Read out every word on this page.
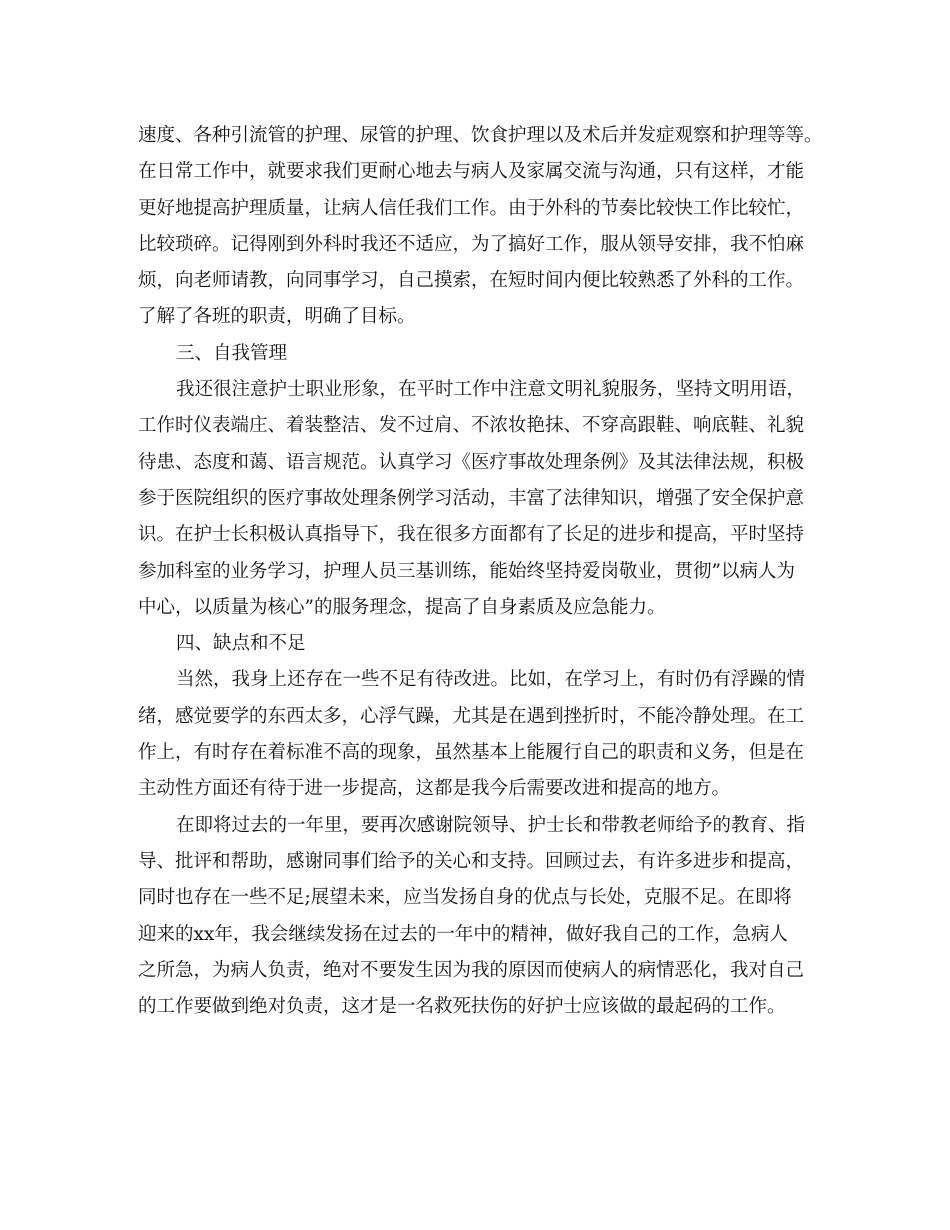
速度、各种引流管的护理、尿管的护理、饮食护理以及术后并发症观察和护理等等。
在日常工作中，就要求我们更耐心地去与病人及家属交流与沟通，只有这样，才能
更好地提高护理质量，让病人信任我们工作。由于外科的节奏比较快工作比较忙，
比较琐碎。记得刚到外科时我还不适应，为了搞好工作，服从领导安排，我不怕麻
烦，向老师请教，向同事学习，自己摸索，在短时间内便比较熟悉了外科的工作。
了解了各班的职责，明确了目标。
三、自我管理
我还很注意护士职业形象，在平时工作中注意文明礼貌服务，坚持文明用语，
工作时仪表端庄、着装整洁、发不过肩、不浓妆艳抹、不穿高跟鞋、响底鞋、礼貌
待患、态度和蔼、语言规范。认真学习《医疗事故处理条例》及其法律法规，积极
参于医院组织的医疗事故处理条例学习活动，丰富了法律知识，增强了安全保护意
识。在护士长积极认真指导下，我在很多方面都有了长足的进步和提高，平时坚持
参加科室的业务学习，护理人员三基训练，能始终坚持爱岗敬业，贯彻”以病人为
中心，以质量为核心”的服务理念，提高了自身素质及应急能力。
四、缺点和不足
当然，我身上还存在一些不足有待改进。比如，在学习上，有时仍有浮躁的情
绪，感觉要学的东西太多，心浮气躁，尤其是在遇到挫折时，不能冷静处理。在工
作上，有时存在着标准不高的现象，虽然基本上能履行自己的职责和义务，但是在
主动性方面还有待于进一步提高，这都是我今后需要改进和提高的地方。
在即将过去的一年里，要再次感谢院领导、护士长和带教老师给予的教育、指
导、批评和帮助，感谢同事们给予的关心和支持。回顾过去，有许多进步和提高，
同时也存在一些不足;展望未来，应当发扬自身的优点与长处，克服不足。在即将
迎来的xx年，我会继续发扬在过去的一年中的精神，做好我自己的工作，急病人
之所急，为病人负责，绝对不要发生因为我的原因而使病人的病情恶化，我对自己
的工作要做到绝对负责，这才是一名救死扶伤的好护士应该做的最起码的工作。
